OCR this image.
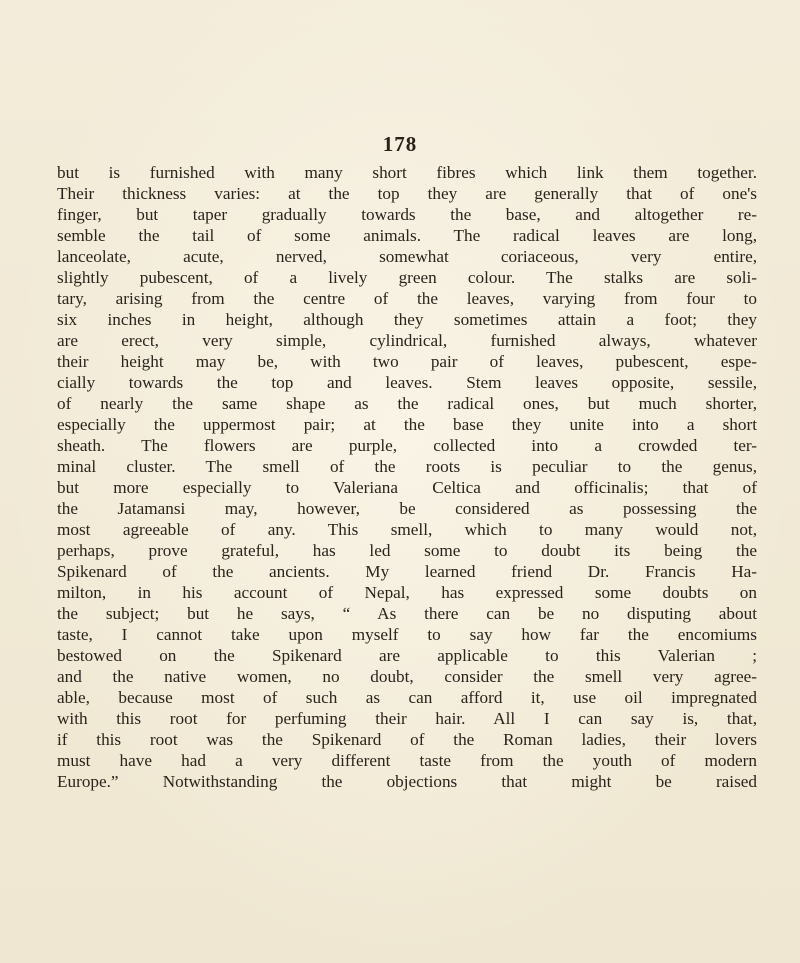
178
but is furnished with many short fibres which link them together.
Their thickness varies: at the top they are generally that of one's
finger, but taper gradually towards the base, and altogether re-
semble the tail of some animals. The radical leaves are long,
lanceolate, acute, nerved, somewhat coriaceous, very entire,
slightly pubescent, of a lively green colour. The stalks are soli-
tary, arising from the centre of the leaves, varying from four to
six inches in height, although they sometimes attain a foot; they
are erect, very simple, cylindrical, furnished always, whatever
their height may be, with two pair of leaves, pubescent, espe-
cially towards the top and leaves. Stem leaves opposite, sessile,
of nearly the same shape as the radical ones, but much shorter,
especially the uppermost pair; at the base they unite into a short
sheath. The flowers are purple, collected into a crowded ter-
minal cluster. The smell of the roots is peculiar to the genus,
but more especially to Valeriana Celtica and officinalis; that of
the Jatamansi may, however, be considered as possessing the
most agreeable of any. This smell, which to many would not,
perhaps, prove grateful, has led some to doubt its being the
Spikenard of the ancients. My learned friend Dr. Francis Ha-
milton, in his account of Nepal, has expressed some doubts on
the subject; but he says, “ As there can be no disputing about
taste, I cannot take upon myself to say how far the encomiums
bestowed on the Spikenard are applicable to this Valerian ;
and the native women, no doubt, consider the smell very agree-
able, because most of such as can afford it, use oil impregnated
with this root for perfuming their hair. All I can say is, that,
if this root was the Spikenard of the Roman ladies, their lovers
must have had a very different taste from the youth of modern
Europe.” Notwithstanding the objections that might be raised
